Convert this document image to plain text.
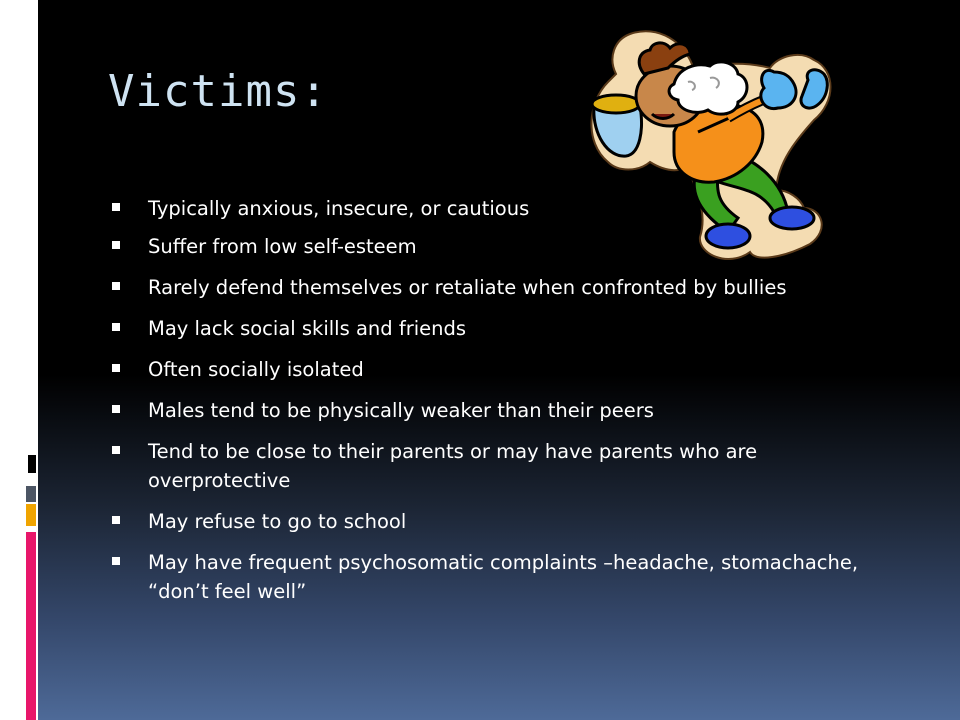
Victims:
Typically anxious, insecure, or cautious
Suffer from low self-esteem
Rarely defend themselves or retaliate when confronted by bullies
May lack social skills and friends
Often socially isolated
Males tend to be physically weaker than their peers
Tend to be close to their parents or may have parents who are overprotective
May refuse to go to school
May have frequent psychosomatic complaints –headache, stomachache, “don’t feel well”
